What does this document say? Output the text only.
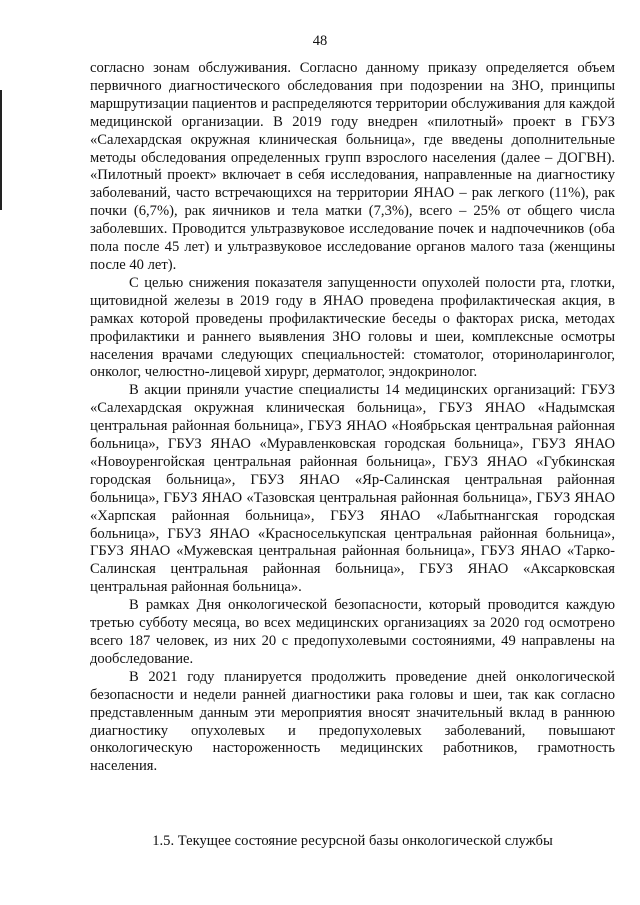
48

согласно зонам обслуживания. Согласно данному приказу определяется объем первичного диагностического обследования при подозрении на ЗНО, принципы маршрутизации пациентов и распределяются территории обслуживания для каждой медицинской организации. В 2019 году внедрен «пилотный» проект в ГБУЗ «Салехардская окружная клиническая больница», где введены дополнительные методы обследования определенных групп взрослого населения (далее – ДОГВН). «Пилотный проект» включает в себя исследования, направленные на диагностику заболеваний, часто встречающихся на территории ЯНАО – рак легкого (11%), рак почки (6,7%), рак яичников и тела матки (7,3%), всего – 25% от общего числа заболевших. Проводится ультразвуковое исследование почек и надпочечников (оба пола после 45 лет) и ультразвуковое исследование органов малого таза (женщины после 40 лет).

С целью снижения показателя запущенности опухолей полости рта, глотки, щитовидной железы в 2019 году в ЯНАО проведена профилактическая акция, в рамках которой проведены профилактические беседы о факторах риска, методах профилактики и раннего выявления ЗНО головы и шеи, комплексные осмотры населения врачами следующих специальностей: стоматолог, оториноларинголог, онколог, челюстно-лицевой хирург, дерматолог, эндокринолог.

В акции приняли участие специалисты 14 медицинских организаций: ГБУЗ «Салехардская окружная клиническая больница», ГБУЗ ЯНАО «Надымская центральная районная больница», ГБУЗ ЯНАО «Ноябрьская центральная районная больница», ГБУЗ ЯНАО «Муравленковская городская больница», ГБУЗ ЯНАО «Новоуренгойская центральная районная больница», ГБУЗ ЯНАО «Губкинская городская больница», ГБУЗ ЯНАО «Яр-Салинская центральная районная больница», ГБУЗ ЯНАО «Тазовская центральная районная больница», ГБУЗ ЯНАО «Харпская районная больница», ГБУЗ ЯНАО «Лабытнангская городская больница», ГБУЗ ЯНАО «Красноселькупская центральная районная больница», ГБУЗ ЯНАО «Мужевская центральная районная больница», ГБУЗ ЯНАО «Тарко-Салинская центральная районная больница», ГБУЗ ЯНАО «Аксарковская центральная районная больница».

В рамках Дня онкологической безопасности, который проводится каждую третью субботу месяца, во всех медицинских организациях за 2020 год осмотрено всего 187 человек, из них 20 с предопухолевыми состояниями, 49 направлены на дообследование.

В 2021 году планируется продолжить проведение дней онкологической безопасности и недели ранней диагностики рака головы и шеи, так как согласно представленным данным эти мероприятия вносят значительный вклад в раннюю диагностику опухолевых и предопухолевых заболеваний, повышают онкологическую настороженность медицинских работников, грамотность населения.

1.5. Текущее состояние ресурсной базы онкологической службы
